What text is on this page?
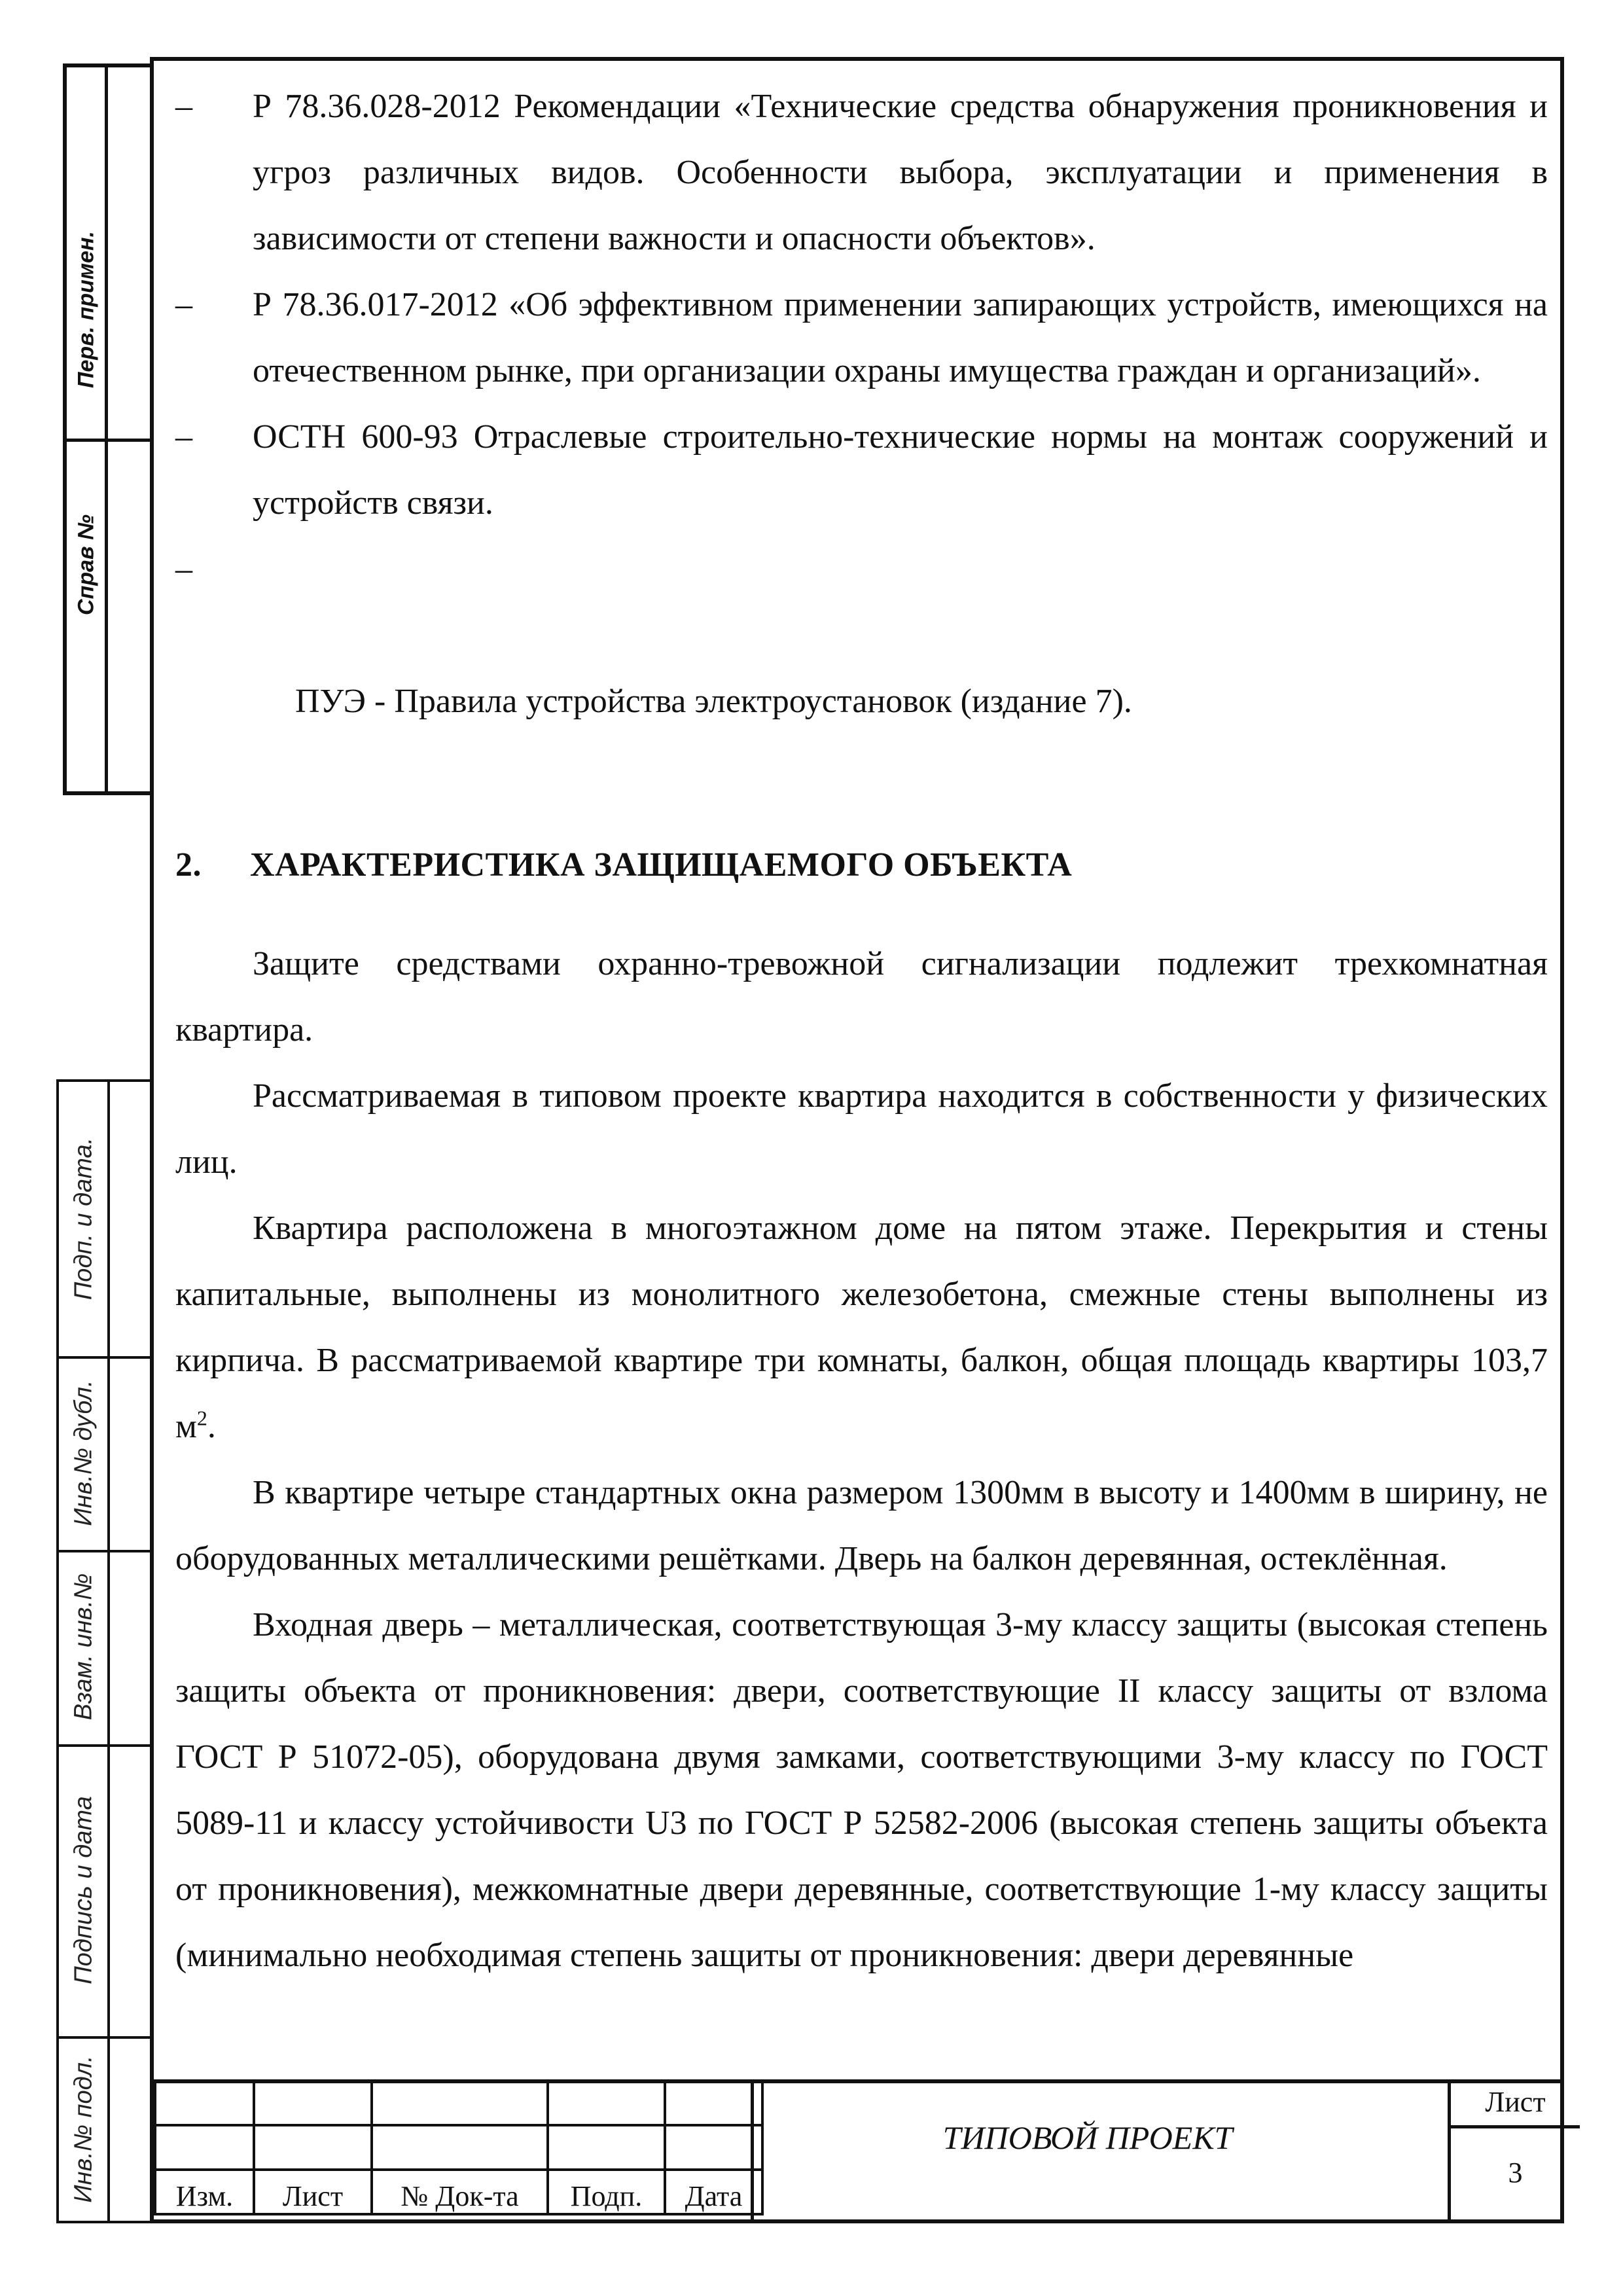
Перв. примен.
Справ №
Подп. и дата.
Инв.№ дубл.
Взам. инв.№
Подпись и дата
Инв.№ подл.

– Р 78.36.028-2012 Рекомендации «Технические средства обнаружения проникновения и угроз различных видов. Особенности выбора, эксплуатации и применения в зависимости от степени важности и опасности объектов».

– Р 78.36.017-2012 «Об эффективном применении запирающих устройств, имеющихся на отечественном рынке, при организации охраны имущества граждан и организаций».

– ОСТН 600-93 Отраслевые строительно-технические нормы на монтаж сооружений и устройств связи.

–

ПУЭ - Правила устройства электроустановок (издание 7).

2. ХАРАКТЕРИСТИКА ЗАЩИЩАЕМОГО ОБЪЕКТА

Защите средствами охранно-тревожной сигнализации подлежит трехкомнатная квартира.

Рассматриваемая в типовом проекте квартира находится в собственности у физических лиц.

Квартира расположена в многоэтажном доме на пятом этаже. Перекрытия и стены капитальные, выполнены из монолитного железобетона, смежные стены выполнены из кирпича. В рассматриваемой квартире три комнаты, балкон, общая площадь квартиры 103,7 $м^2$.

В квартире четыре стандартных окна размером 1300мм в высоту и 1400мм в ширину, не оборудованных металлическими решётками. Дверь на балкон деревянная, остеклённая.

Входная дверь – металлическая, соответствующая 3-му классу защиты (высокая степень защиты объекта от проникновения: двери, соответствующие II классу защиты от взлома ГОСТ Р 51072-05), оборудована двумя замками, соответствующими 3-му классу по ГОСТ 5089-11 и классу устойчивости U3 по ГОСТ Р 52582-2006 (высокая степень защиты объекта от проникновения), межкомнатные двери деревянные, соответствующие 1-му классу защиты (минимально необходимая степень защиты от проникновения: двери деревянные

Изм.	Лист	№ Док-та	Подп.	Дата
ТИПОВОЙ ПРОЕКТ
Лист
3
